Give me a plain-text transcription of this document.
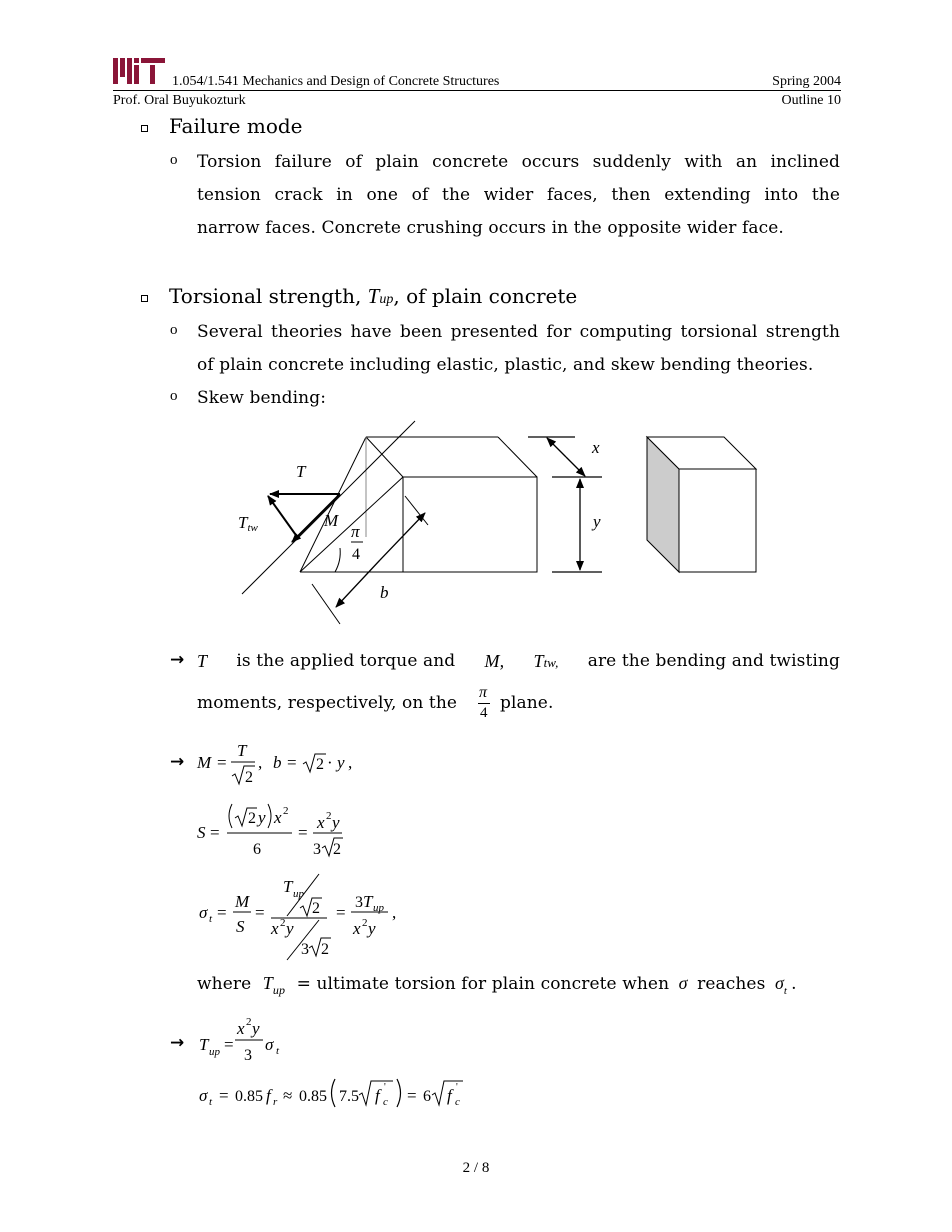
1.054/1.541 Mechanics and Design of Concrete Structures	Spring 2004
Prof. Oral Buyukozturk	Outline 10
Failure mode
o Torsion failure of plain concrete occurs suddenly with an inclined
tension crack in one of the wider faces, then extending into the
narrow faces. Concrete crushing occurs in the opposite wider face.
Torsional strength, Tup, of plain concrete
o Several theories have been presented for computing torsional strength
of plain concrete including elastic, plastic, and skew bending theories.
o Skew bending:
T
Ttw	M
π
4
b
x
y
→ T is the applied torque and M, Ttw, are the bending and twisting
moments, respectively, on the
π
4 plane.
→ M =
T
2
, b = 2 · y ,
S =
2 y x 2
6
=
x 2 y
3 2
σ t =
M
S
=
T up
2
x 2 y
3 2
=
3 T up
x 2 y
,
where $T_{up}$ = ultimate torsion for plain concrete when σ reaches $\sigma_t$ .
→ T up =
x 2 y
3
σ t
σ t = 0.85 f r ≈ 0.85 7.5 f '
c = 6 f '
c
2 / 8
